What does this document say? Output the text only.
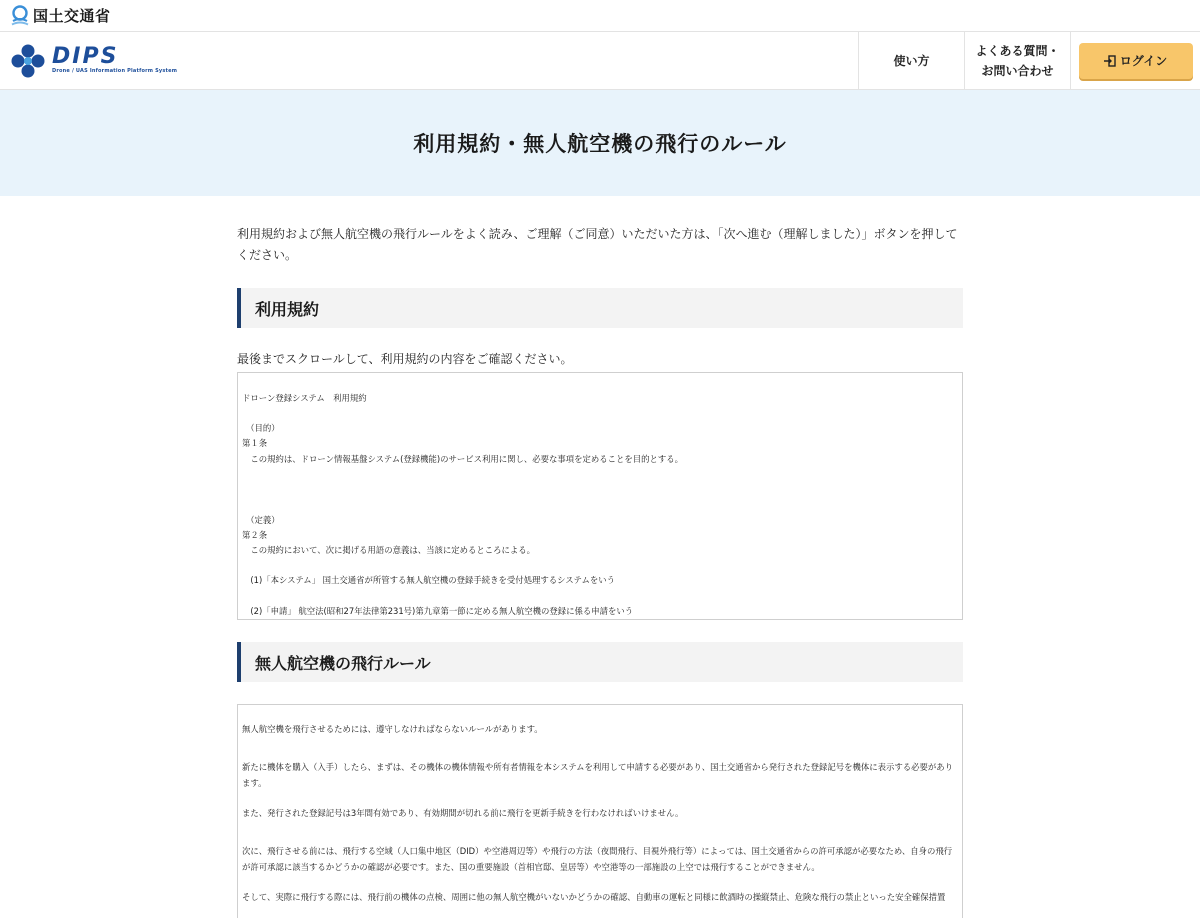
国土交通省
DIPS
Drone / UAS Information Platform System
使い方
よくある質問・
お問い合わせ
ログイン
利用規約・無人航空機の飛行のルール

利用規約および無人航空機の飛行ルールをよく読み、ご理解（ご同意）いただいた方は、「次へ進む（理解しました）」ボタンを押してください。

利用規約

最後までスクロールして、利用規約の内容をご確認ください。

ドローン登録システム　利用規約

　（目的）

第１条

　この規約は、ドローン情報基盤システム(登録機能)のサービス利用に関し、必要な事項を定めることを目的とする。

　（定義）

第２条

　この規約において、次に掲げる用語の意義は、当該に定めるところによる。

　(1)「本システム」 国土交通省が所管する無人航空機の登録手続きを受付処理するシステムをいう

　(2)「申請」 航空法(昭和27年法律第231号)第九章第一節に定める無人航空機の登録に係る申請をいう

無人航空機の飛行ルール

無人航空機を飛行させるためには、遵守しなければならないルールがあります。

新たに機体を購入（入手）したら、まずは、その機体の機体情報や所有者情報を本システムを利用して申請する必要があり、国土交通省から発行された登録記号を機体に表示する必要があります。

また、発行された登録記号は3年間有効であり、有効期間が切れる前に飛行を更新手続きを行わなければいけません。

次に、飛行させる前には、飛行する空域（人口集中地区（DID）や空港周辺等）や飛行の方法（夜間飛行、目視外飛行等）によっては、国土交通省からの許可承認が必要なため、自身の飛行が許可承認に該当するかどうかの確認が必要です。また、国の重要施設（首相官邸、皇居等）や空港等の一部施設の上空では飛行することができません。

そして、実際に飛行する際には、飛行前の機体の点検、周囲に他の無人航空機がいないかどうかの確認、自動車の運転と同様に飲酒時の操縦禁止、危険な飛行の禁止といった安全確保措置
